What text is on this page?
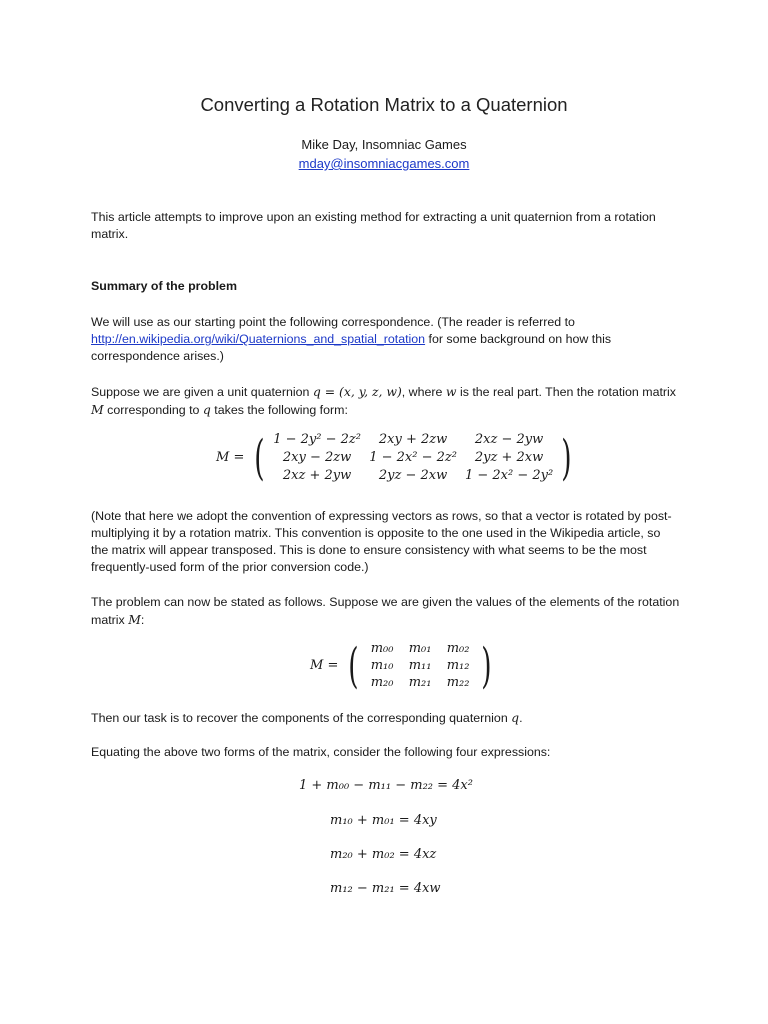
Converting a Rotation Matrix to a Quaternion
Mike Day, Insomniac Games
mday@insomniacgames.com

This article attempts to improve upon an existing method for extracting a unit quaternion from a rotation matrix.

Summary of the problem

We will use as our starting point the following correspondence. (The reader is referred to http://en.wikipedia.org/wiki/Quaternions_and_spatial_rotation for some background on how this correspondence arises.)

Suppose we are given a unit quaternion q = (x, y, z, w), where w is the real part. Then the rotation matrix M corresponding to q takes the following form:

M = ( 1 − 2y² − 2z²	2xy + 2zw	2xz − 2yw
2xy − 2zw	1 − 2x² − 2z²	2yz + 2xw
2xz + 2yw	2yz − 2xw	1 − 2x² − 2y² )

(Note that here we adopt the convention of expressing vectors as rows, so that a vector is rotated by post-multiplying it by a rotation matrix. This convention is opposite to the one used in the Wikipedia article, so the matrix will appear transposed. This is done to ensure consistency with what seems to be the most frequently-used form of the prior conversion code.)

The problem can now be stated as follows. Suppose we are given the values of the elements of the rotation matrix M:

M = ( m₀₀	m₀₁	m₀₂
m₁₀	m₁₁	m₁₂
m₂₀	m₂₁	m₂₂ )

Then our task is to recover the components of the corresponding quaternion q.

Equating the above two forms of the matrix, consider the following four expressions:

1 + m₀₀ − m₁₁ − m₂₂ = 4x²
m₁₀ + m₀₁ = 4xy
m₂₀ + m₀₂ = 4xz
m₁₂ − m₂₁ = 4xw
